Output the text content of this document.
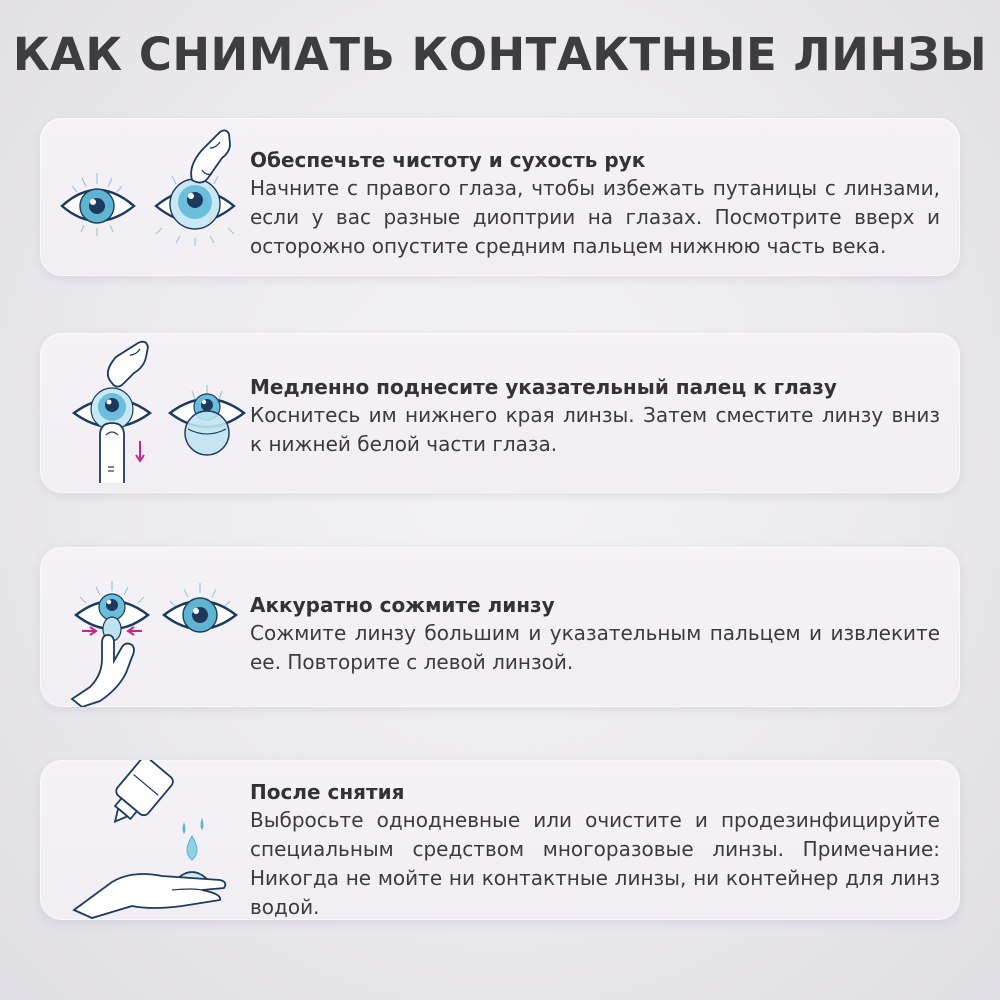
КАК СНИМАТЬ КОНТАКТНЫЕ ЛИНЗЫ
Обеспечьте чистоту и сухость рук

Начните с правого глаза, чтобы избежать путаницы с линзами, если у вас разные диоптрии на глазах. Посмотрите вверх и осторожно опустите средним пальцем нижнюю часть века.

Медленно поднесите указательный палец к глазу

Коснитесь им нижнего края линзы. Затем сместите линзу вниз к нижней белой части глаза.

Аккуратно сожмите линзу

Сожмите линзу большим и указательным пальцем и извлеките ее. Повторите с левой линзой.

После снятия

Выбросьте однодневные или очистите и продезинфицируйте специальным средством многоразовые линзы. Примечание: Никогда не мойте ни контактные линзы, ни контейнер для линз водой.
